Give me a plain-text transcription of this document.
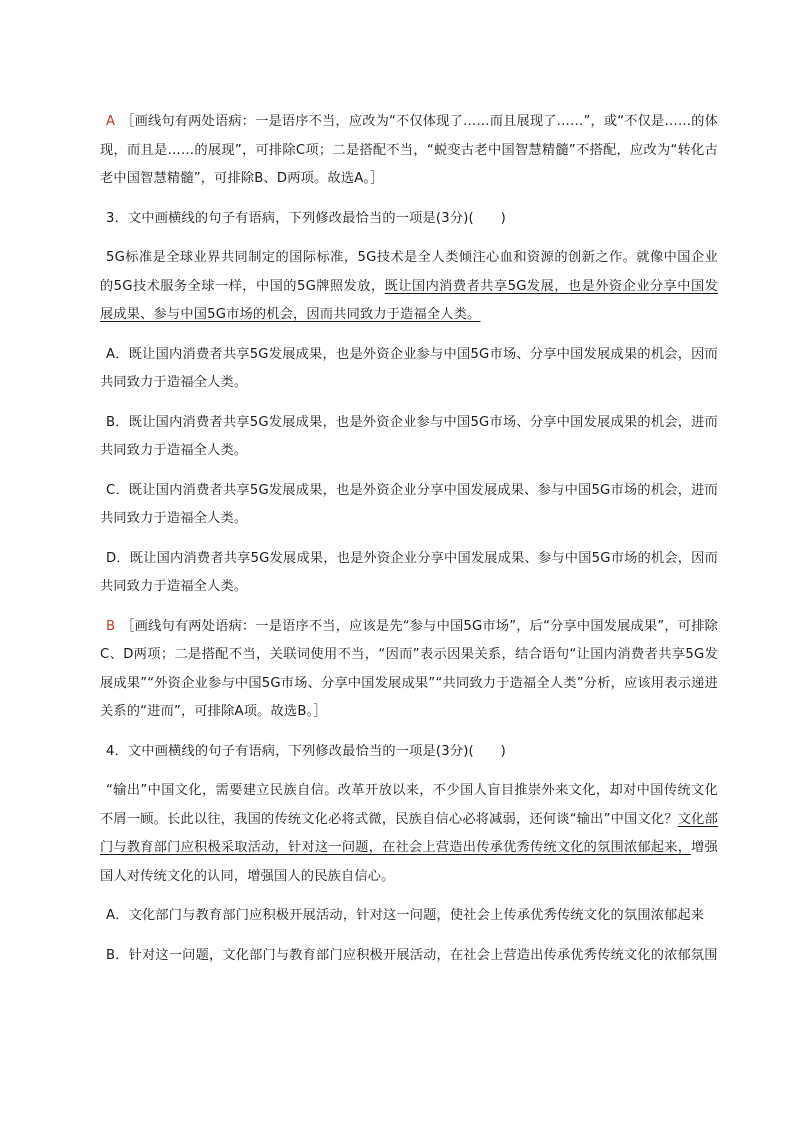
A ［画线句有两处语病：一是语序不当，应改为“不仅体现了……而且展现了……”，或“不仅是……的体现，而且是……的展现”，可排除C项；二是搭配不当，“蜕变古老中国智慧精髓”不搭配，应改为“转化古老中国智慧精髓”，可排除B、D两项。故选A。］

3．文中画横线的句子有语病，下列修改最恰当的一项是(3分)(　　)

5G标准是全球业界共同制定的国际标准，5G技术是全人类倾注心血和资源的创新之作。就像中国企业的5G技术服务全球一样，中国的5G牌照发放，既让国内消费者共享5G发展，也是外资企业分享中国发展成果、参与中国5G市场的机会，因而共同致力于造福全人类。

A．既让国内消费者共享5G发展成果，也是外资企业参与中国5G市场、分享中国发展成果的机会，因而共同致力于造福全人类。

B．既让国内消费者共享5G发展成果，也是外资企业参与中国5G市场、分享中国发展成果的机会，进而共同致力于造福全人类。

C．既让国内消费者共享5G发展成果，也是外资企业分享中国发展成果、参与中国5G市场的机会，进而共同致力于造福全人类。

D．既让国内消费者共享5G发展成果，也是外资企业分享中国发展成果、参与中国5G市场的机会，因而共同致力于造福全人类。

B ［画线句有两处语病：一是语序不当，应该是先“参与中国5G市场”，后“分享中国发展成果”，可排除C、D两项；二是搭配不当，关联词使用不当，“因而”表示因果关系，结合语句“让国内消费者共享5G发展成果”“外资企业参与中国5G市场、分享中国发展成果”“共同致力于造福全人类”分析，应该用表示递进关系的“进而”，可排除A项。故选B。］

4．文中画横线的句子有语病，下列修改最恰当的一项是(3分)(　　)

“输出”中国文化，需要建立民族自信。改革开放以来，不少国人盲目推崇外来文化，却对中国传统文化不屑一顾。长此以往，我国的传统文化必将式微，民族自信心必将减弱，还何谈“输出”中国文化？文化部门与教育部门应积极采取活动，针对这一问题，在社会上营造出传承优秀传统文化的氛围浓郁起来，增强国人对传统文化的认同，增强国人的民族自信心。

A．文化部门与教育部门应积极开展活动，针对这一问题，使社会上传承优秀传统文化的氛围浓郁起来

B．针对这一问题，文化部门与教育部门应积极开展活动，在社会上营造出传承优秀传统文化的浓郁氛围
